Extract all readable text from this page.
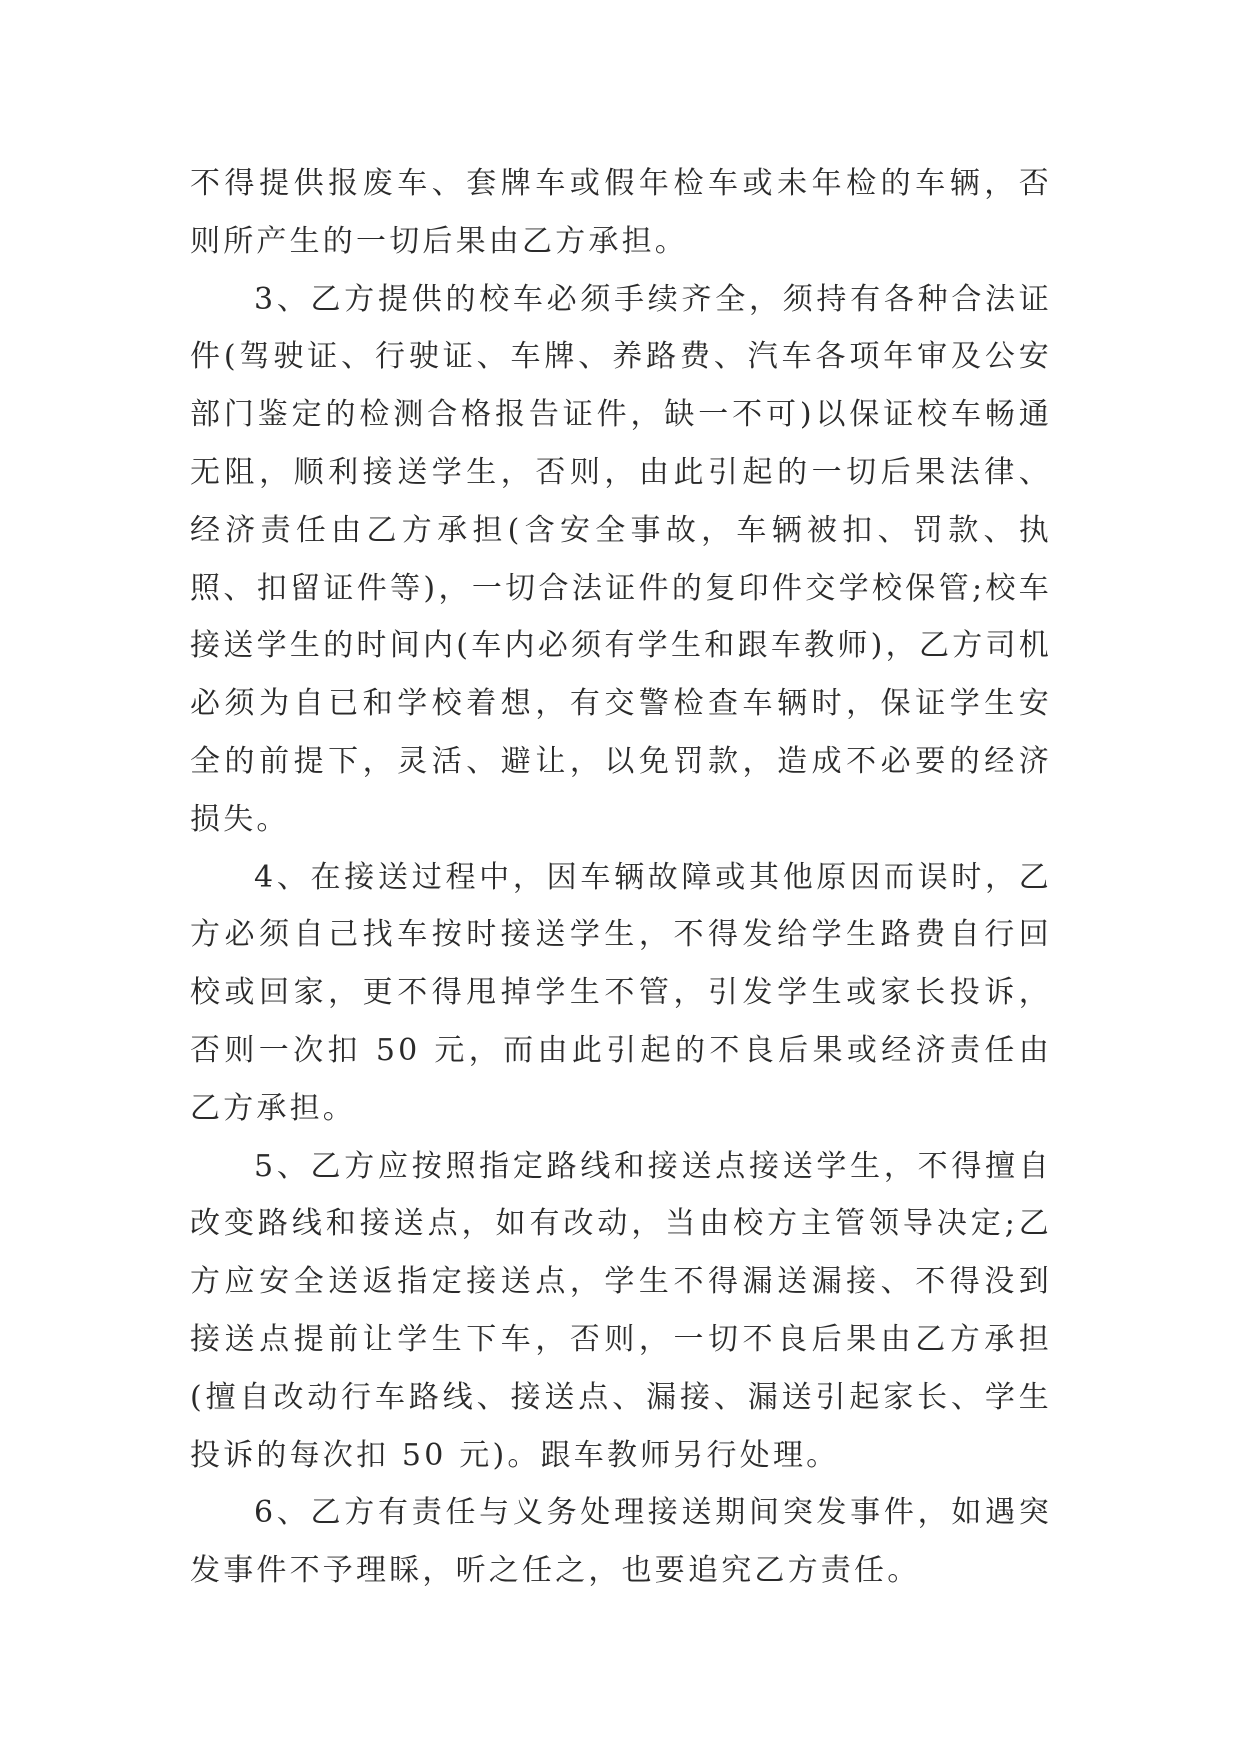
不得提供报废车、套牌车或假年检车或未年检的车辆，否则所产生的一切后果由乙方承担。

3、乙方提供的校车必须手续齐全，须持有各种合法证件(驾驶证、行驶证、车牌、养路费、汽车各项年审及公安部门鉴定的检测合格报告证件，缺一不可)以保证校车畅通无阻，顺利接送学生，否则，由此引起的一切后果法律、经济责任由乙方承担(含安全事故，车辆被扣、罚款、执照、扣留证件等)，一切合法证件的复印件交学校保管;校车接送学生的时间内(车内必须有学生和跟车教师)，乙方司机必须为自已和学校着想，有交警检查车辆时，保证学生安全的前提下，灵活、避让，以免罚款，造成不必要的经济损失。

4、在接送过程中，因车辆故障或其他原因而误时，乙方必须自己找车按时接送学生，不得发给学生路费自行回校或回家，更不得甩掉学生不管，引发学生或家长投诉，否则一次扣 50 元，而由此引起的不良后果或经济责任由乙方承担。

5、乙方应按照指定路线和接送点接送学生，不得擅自改变路线和接送点，如有改动，当由校方主管领导决定;乙方应安全送返指定接送点，学生不得漏送漏接、不得没到接送点提前让学生下车，否则，一切不良后果由乙方承担(擅自改动行车路线、接送点、漏接、漏送引起家长、学生投诉的每次扣 50 元)。跟车教师另行处理。

6、乙方有责任与义务处理接送期间突发事件，如遇突发事件不予理睬，听之任之，也要追究乙方责任。
